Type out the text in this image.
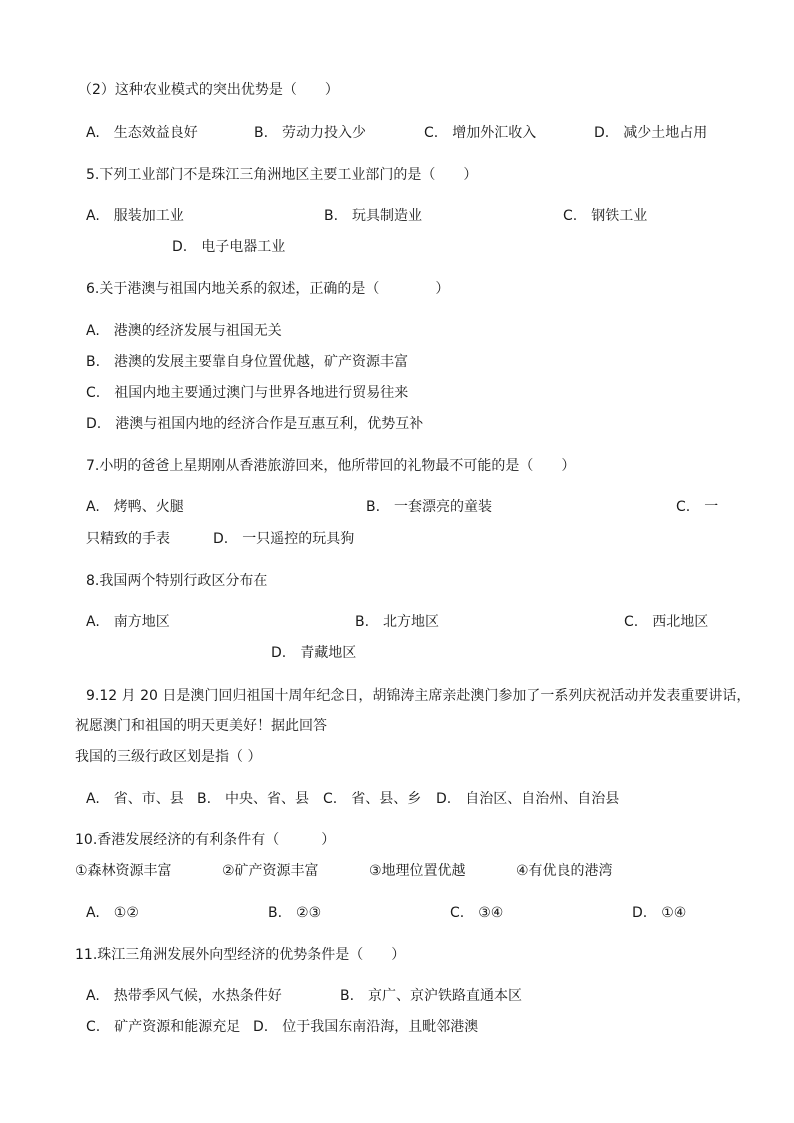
（2）这种农业模式的突出优势是（　　）
A.　生态效益良好	B.　劳动力投入少	C.　增加外汇收入	D.　减少土地占用
5.下列工业部门不是珠江三角洲地区主要工业部门的是（　　）
A.　服装加工业	B.　玩具制造业	C.　钢铁工业
D.　电子电器工业
6.关于港澳与祖国内地关系的叙述，正确的是（　　　　）
A.　港澳的经济发展与祖国无关
B.　港澳的发展主要靠自身位置优越，矿产资源丰富
C.　祖国内地主要通过澳门与世界各地进行贸易往来
D.　港澳与祖国内地的经济合作是互惠互利，优势互补
7.小明的爸爸上星期刚从香港旅游回来，他所带回的礼物最不可能的是（　　）
A.　烤鸭、火腿	B.　一套漂亮的童装	C.　一
只精致的手表	D.　一只遥控的玩具狗
8.我国两个特别行政区分布在
A.　南方地区	B.　北方地区	C.　西北地区
D.　青藏地区
9.12 月 20 日是澳门回归祖国十周年纪念日，胡锦涛主席亲赴澳门参加了一系列庆祝活动并发表重要讲话，
祝愿澳门和祖国的明天更美好！据此回答
我国的三级行政区划是指（ ）
A.　省、市、县 B.　中央、省、县 C.　省、县、乡 D.　自治区、自治州、自治县
10.香港发展经济的有利条件有（　　　）
①森林资源丰富	②矿产资源丰富	③地理位置优越	④有优良的港湾
A.　①②	B.　②③	C.　③④	D.　①④
11.珠江三角洲发展外向型经济的优势条件是（　　）
A.　热带季风气候，水热条件好	B.　京广、京沪铁路直通本区
C.　矿产资源和能源充足 D.　位于我国东南沿海，且毗邻港澳
